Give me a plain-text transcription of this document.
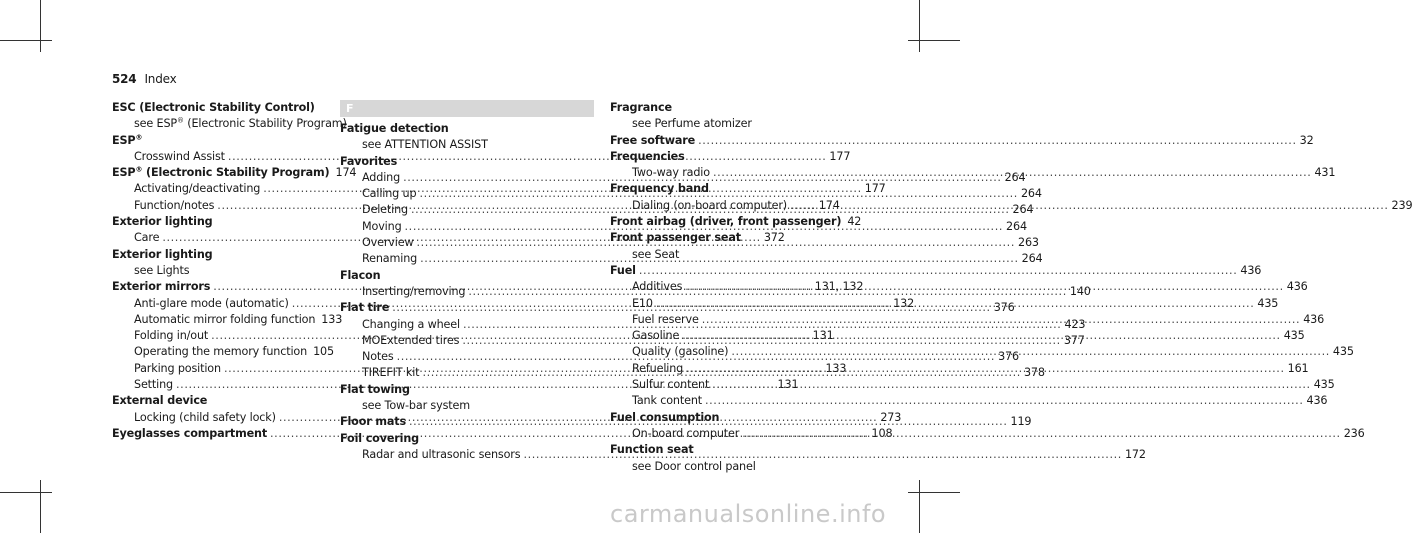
524 Index
ESC (Electronic Stability Control)
see ESP® (Electronic Stability Program)
ESP®
Crosswind Assist .....	177
ESP® (Electronic Stability Program) 174
Activating/deactivating .....	177
Function/notes .....	174
Exterior lighting
Care .....	372
Exterior lighting
see Lights
Exterior mirrors .....	131, 132
Anti-glare mode (automatic) .....	132
Automatic mirror folding function 133
Folding in/out .....	131
Operating the memory function 105
Parking position .....	133
Setting .....	131
External device
Locking (child safety lock) .....	273
Eyeglasses compartment .....	108
F
Fatigue detection
see ATTENTION ASSIST
Favorites
Adding .....	264
Calling up .....	264
Deleting .....	264
Moving .....	264
Overview .....	263
Renaming .....	264
Flacon
Inserting/removing .....	140
Flat tire .....	376
Changing a wheel .....	423
MOExtended tires .....	377
Notes .....	376
TIREFIT kit .....	378
Flat towing
see Tow-bar system
Floor mats .....	119
Foil covering
Radar and ultrasonic sensors .....	172
Fragrance
see Perfume atomizer
Free software .....	32
Frequencies
Two-way radio .....	431
Frequency band
Dialing (on-board computer) .....	239
Front airbag (driver, front passenger) 42
Front passenger seat
see Seat
Fuel .....	436
Additives .....	436
E10 .....	435
Fuel reserve .....	436
Gasoline .....	435
Quality (gasoline) .....	435
Refueling .....	161
Sulfur content .....	435
Tank content .....	436
Fuel consumption
On-board computer .....	236
Function seat
see Door control panel
carmanualsonline.info
